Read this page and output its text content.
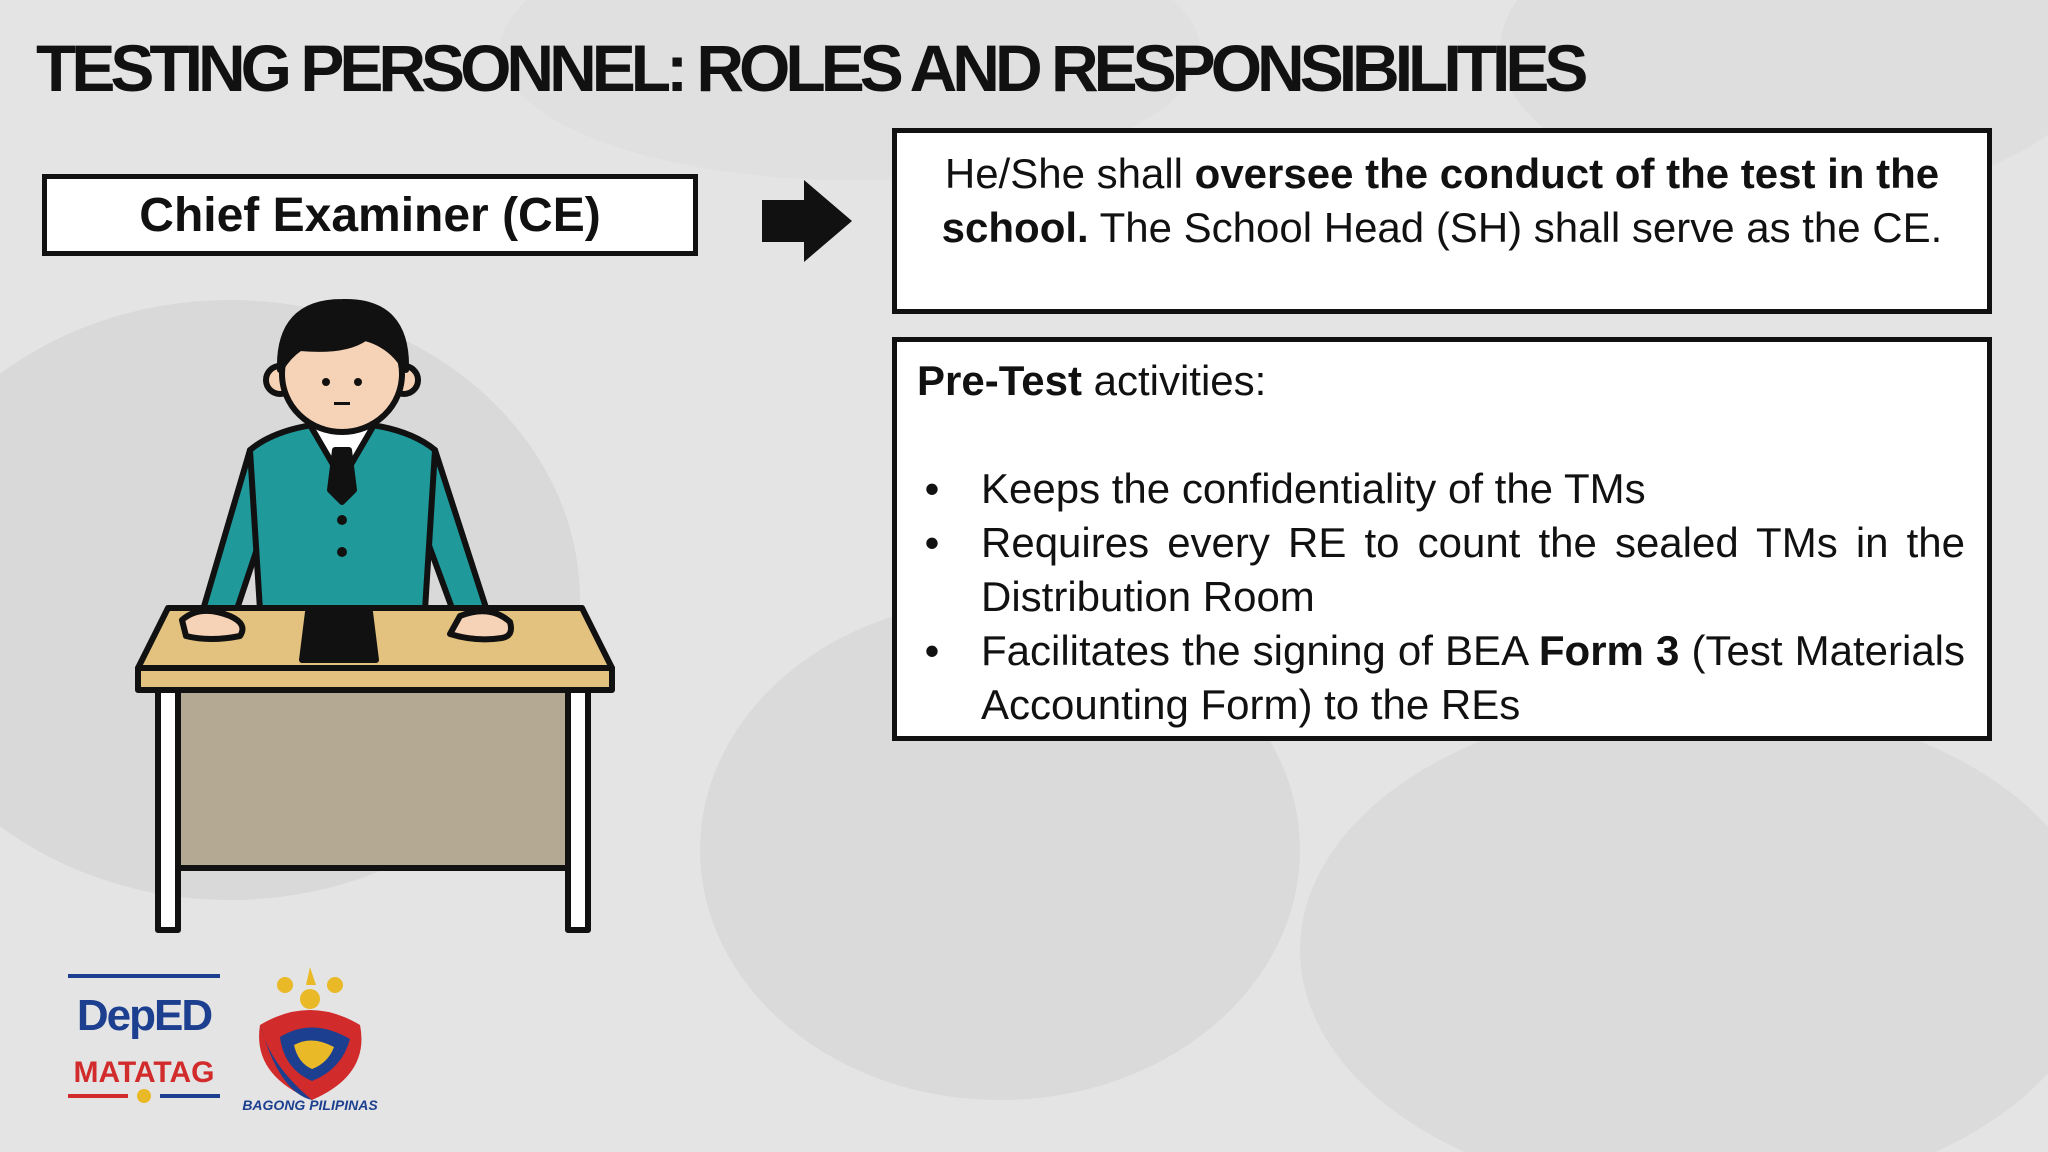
TESTING PERSONNEL: ROLES AND RESPONSIBILITIES
Chief Examiner (CE)
He/She shall oversee the conduct of the test in the school. The School Head (SH) shall serve as the CE.

Pre-Test activities:

• Keeps the confidentiality of the TMs
• Requires every RE to count the sealed TMs in the Distribution Room
• Facilitates the signing of BEA Form 3 (Test Materials Accounting Form) to the REs
DepED
MATATAG
BAGONG PILIPINAS
